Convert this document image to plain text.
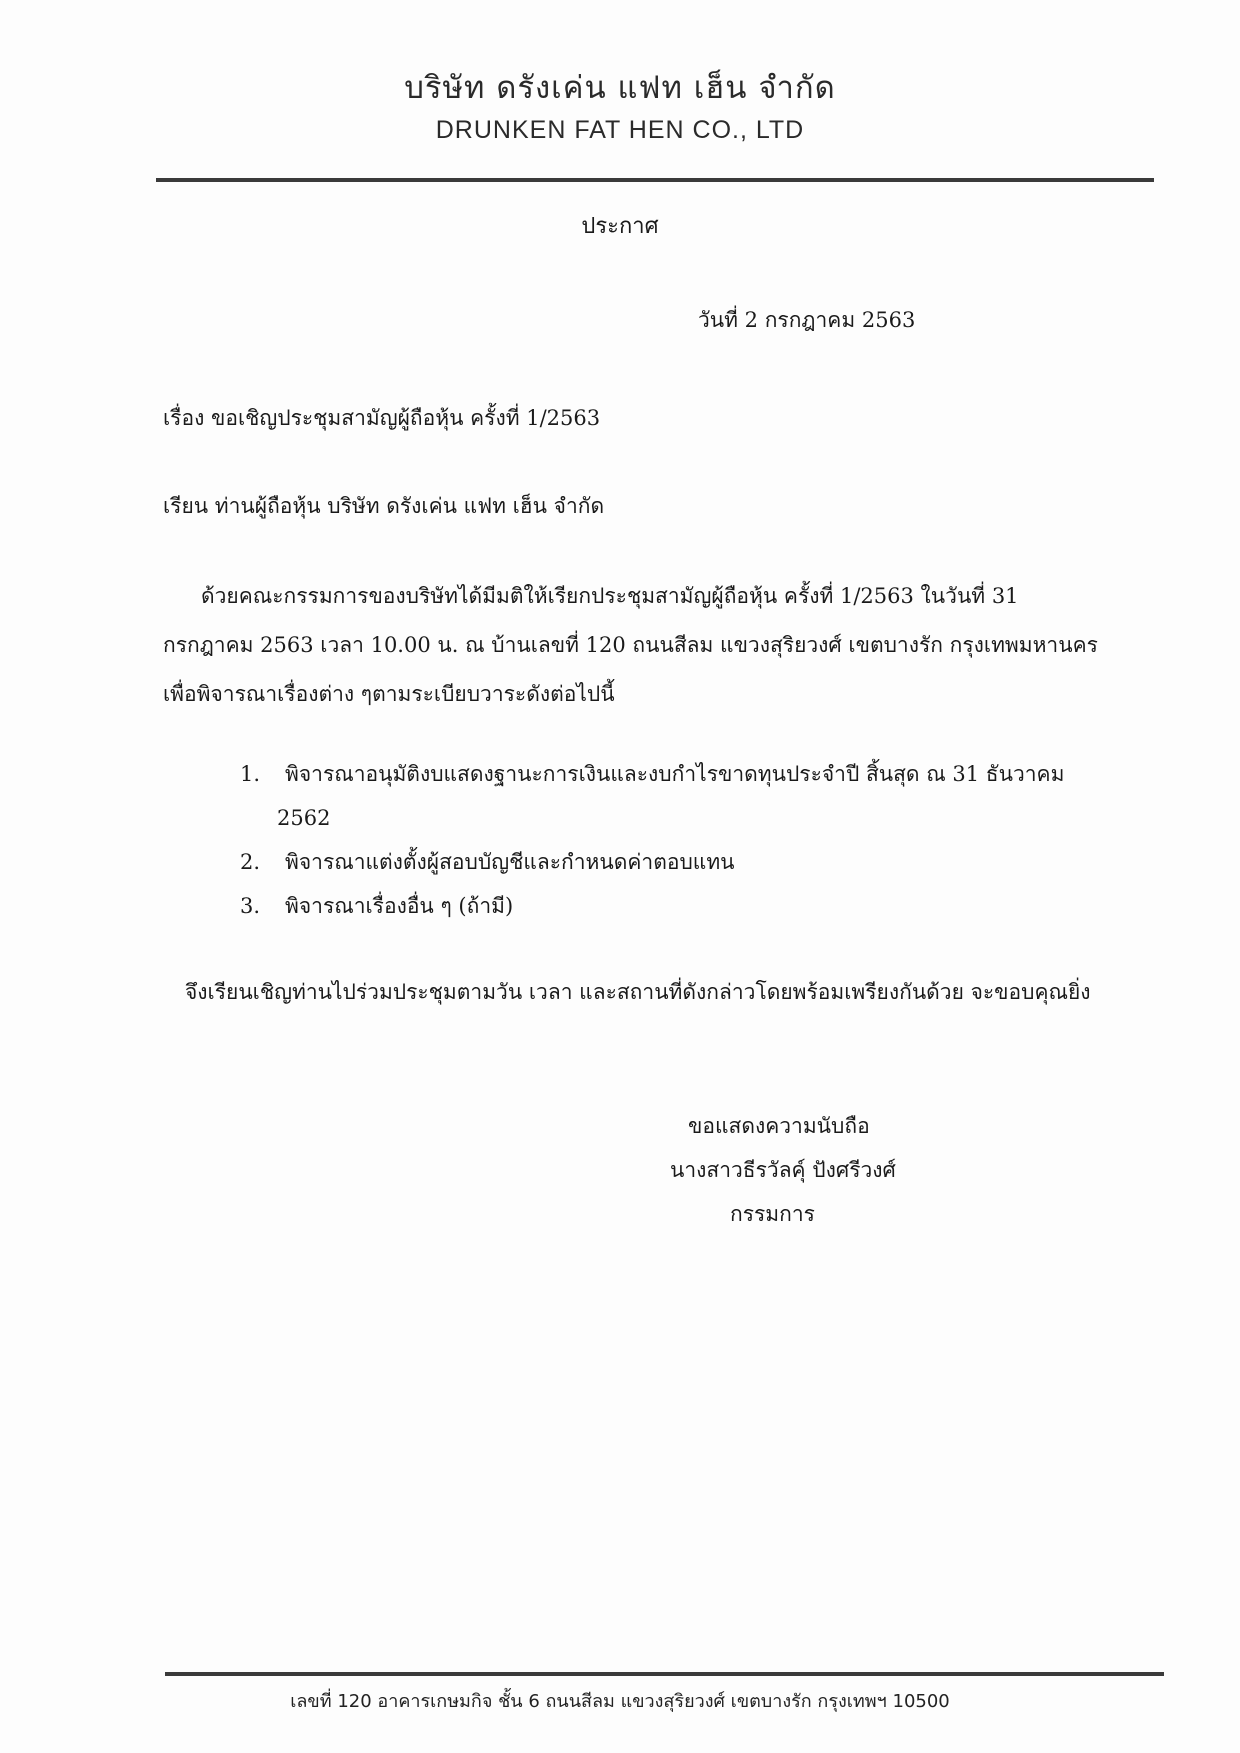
บริษัท ดรังเค่น แฟท เฮ็น จำกัด
DRUNKEN FAT HEN CO., LTD
ประกาศ
วันที่ 2 กรกฎาคม 2563
เรื่อง ขอเชิญประชุมสามัญผู้ถือหุ้น ครั้งที่ 1/2563
เรียน ท่านผู้ถือหุ้น บริษัท ดรังเค่น แฟท เฮ็น จำกัด
ด้วยคณะกรรมการของบริษัทได้มีมติให้เรียกประชุมสามัญผู้ถือหุ้น ครั้งที่ 1/2563 ในวันที่ 31 กรกฎาคม 2563 เวลา 10.00 น. ณ บ้านเลขที่ 120 ถนนสีลม แขวงสุริยวงศ์ เขตบางรัก กรุงเทพมหานคร เพื่อพิจารณาเรื่องต่าง ๆตามระเบียบวาระดังต่อไปนี้
1. พิจารณาอนุมัติงบแสดงฐานะการเงินและงบกำไรขาดทุนประจำปี สิ้นสุด ณ 31 ธันวาคม
2562
2. พิจารณาแต่งตั้งผู้สอบบัญชีและกำหนดค่าตอบแทน
3. พิจารณาเรื่องอื่น ๆ (ถ้ามี)
จึงเรียนเชิญท่านไปร่วมประชุมตามวัน เวลา และสถานที่ดังกล่าวโดยพร้อมเพรียงกันด้วย จะขอบคุณยิ่ง
ขอแสดงความนับถือ
นางสาวธีรวัลคุ์ ปังศรีวงศ์
กรรมการ
เลขที่ 120 อาคารเกษมกิจ ชั้น 6 ถนนสีลม แขวงสุริยวงศ์ เขตบางรัก กรุงเทพฯ 10500
